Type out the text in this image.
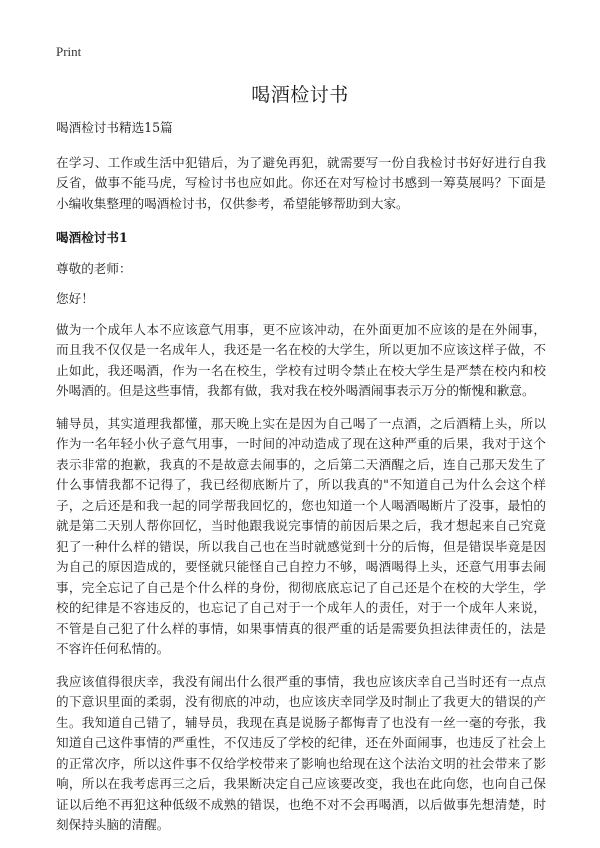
Print
喝酒检讨书

喝酒检讨书精选15篇

在学习、工作或生活中犯错后，为了避免再犯，就需要写一份自我检讨书好好进行自我反省，做事不能马虎，写检讨书也应如此。你还在对写检讨书感到一筹莫展吗？下面是小编收集整理的喝酒检讨书，仅供参考，希望能够帮助到大家。

喝酒检讨书1

尊敬的老师：

您好！

做为一个成年人本不应该意气用事，更不应该冲动，在外面更加不应该的是在外闹事，而且我不仅仅是一名成年人，我还是一名在校的大学生，所以更加不应该这样子做，不止如此，我还喝酒，作为一名在校生，学校有过明令禁止在校大学生是严禁在校内和校外喝酒的。但是这些事情，我都有做，我对我在校外喝酒闹事表示万分的惭愧和歉意。

辅导员，其实道理我都懂，那天晚上实在是因为自己喝了一点酒，之后酒精上头，所以作为一名年轻小伙子意气用事，一时间的冲动造成了现在这种严重的后果，我对于这个表示非常的抱歉，我真的不是故意去闹事的，之后第二天酒醒之后，连自己那天发生了什么事情我都不记得了，我已经彻底断片了，所以我真的"不知道自己为什么会这个样子，之后还是和我一起的同学帮我回忆的，您也知道一个人喝酒喝断片了没事，最怕的就是第二天别人帮你回忆，当时他跟我说完事情的前因后果之后，我才想起来自己究竟犯了一种什么样的错误，所以我自己也在当时就感觉到十分的后悔，但是错误毕竟是因为自己的原因造成的，要怪就只能怪自己自控力不够，喝酒喝得上头，还意气用事去闹事，完全忘记了自己是个什么样的身份，彻彻底底忘记了自己还是个在校的大学生，学校的纪律是不容违反的，也忘记了自己对于一个成年人的责任，对于一个成年人来说，不管是自己犯了什么样的事情，如果事情真的很严重的话是需要负担法律责任的，法是不容许任何私情的。

我应该值得很庆幸，我没有闹出什么很严重的事情，我也应该庆幸自己当时还有一点点的下意识里面的柔弱，没有彻底的冲动，也应该庆幸同学及时制止了我更大的错误的产生。我知道自己错了，辅导员，我现在真是说肠子都悔青了也没有一丝一毫的夸张，我知道自己这件事情的严重性，不仅违反了学校的纪律，还在外面闹事，也违反了社会上的正常次序，所以这件事不仅给学校带来了影响也给现在这个法治文明的社会带来了影响，所以在我考虑再三之后，我果断决定自己应该要改变，我也在此向您，也向自己保证以后绝不再犯这种低级不成熟的错误，也绝不对不会再喝酒，以后做事先想清楚，时刻保持头脑的清醒。
